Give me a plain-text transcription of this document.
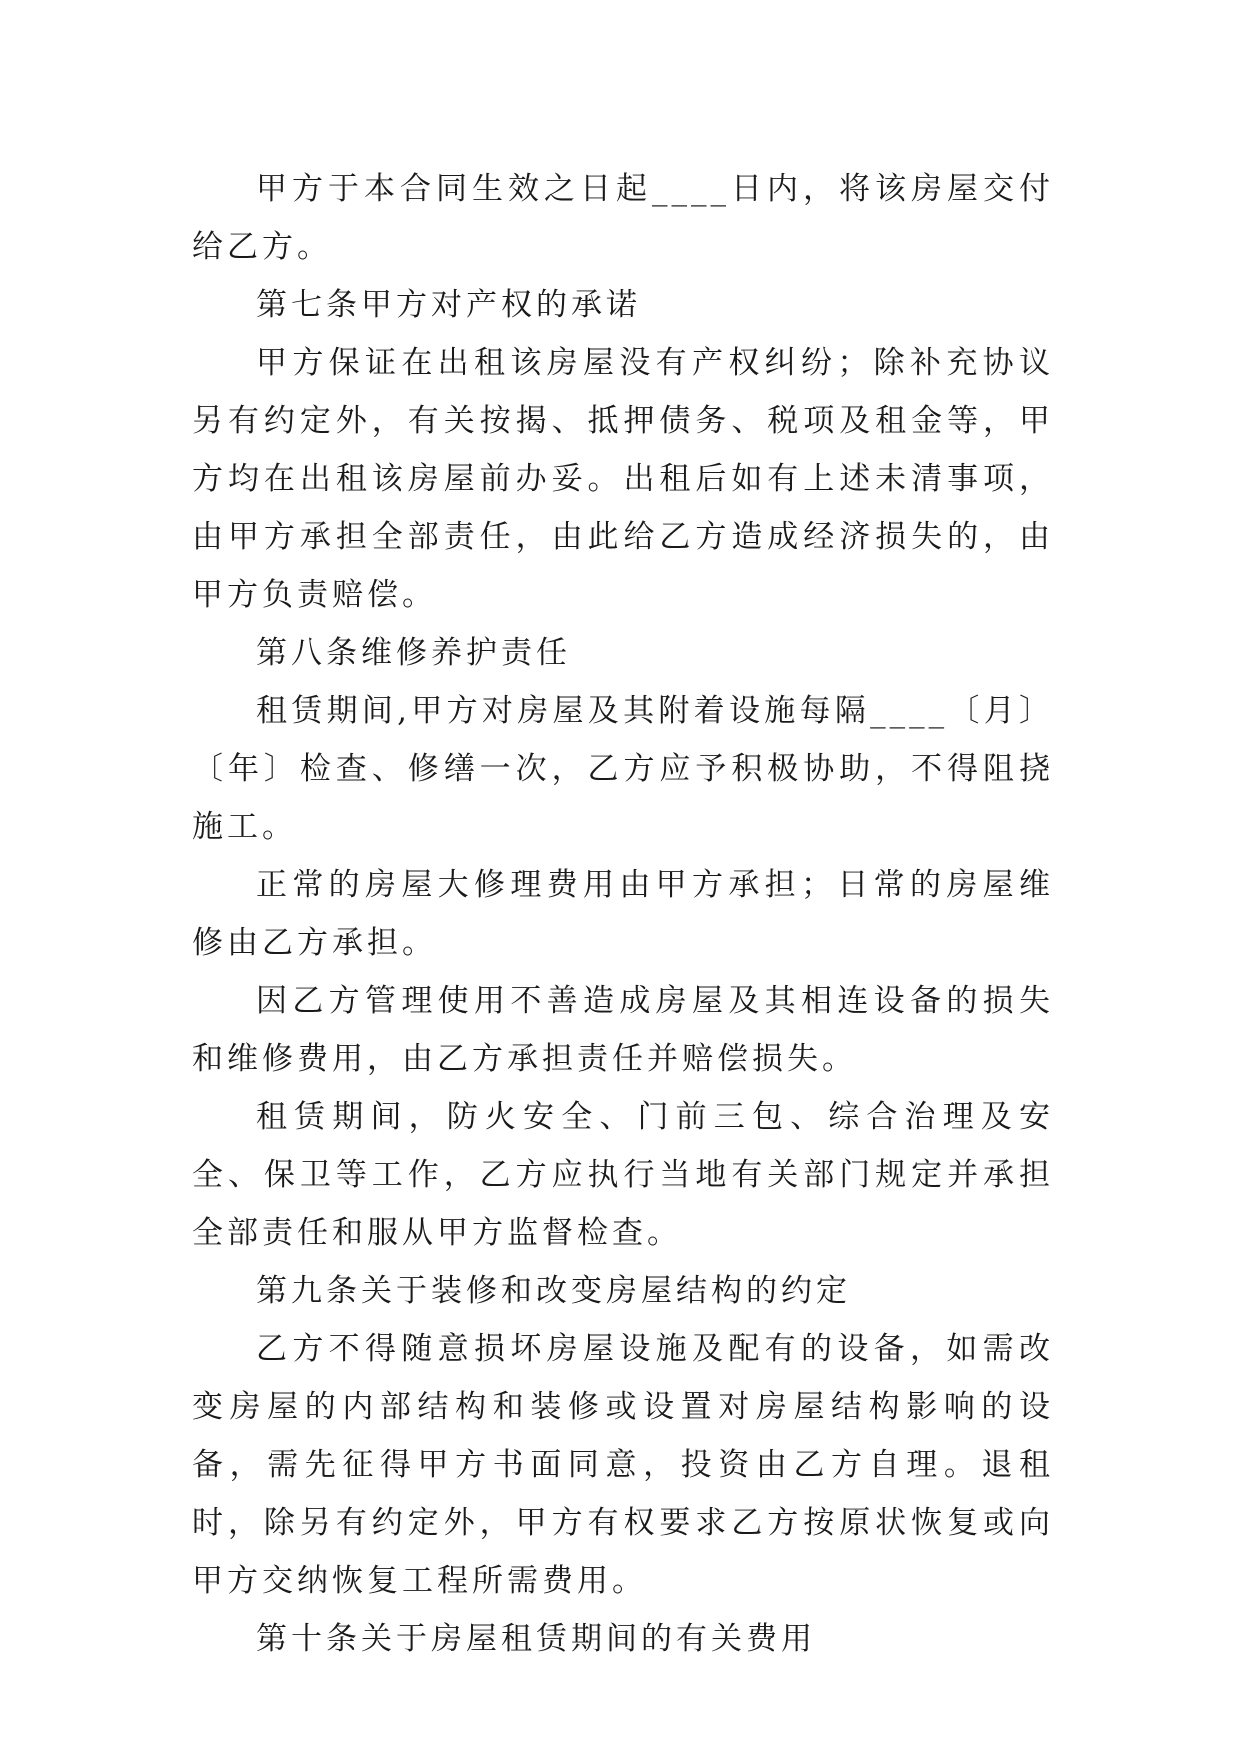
甲方于本合同生效之日起____日内，将该房屋交付给乙方。

第七条甲方对产权的承诺

甲方保证在出租该房屋没有产权纠纷；除补充协议另有约定外，有关按揭、抵押债务、税项及租金等，甲方均在出租该房屋前办妥。出租后如有上述未清事项，由甲方承担全部责任，由此给乙方造成经济损失的，由甲方负责赔偿。

第八条维修养护责任

租赁期间,甲方对房屋及其附着设施每隔____〔月〕〔年〕检查、修缮一次，乙方应予积极协助，不得阻挠施工。

正常的房屋大修理费用由甲方承担；日常的房屋维修由乙方承担。

因乙方管理使用不善造成房屋及其相连设备的损失和维修费用，由乙方承担责任并赔偿损失。

租赁期间，防火安全、门前三包、综合治理及安全、保卫等工作，乙方应执行当地有关部门规定并承担全部责任和服从甲方监督检查。

第九条关于装修和改变房屋结构的约定

乙方不得随意损坏房屋设施及配有的设备，如需改变房屋的内部结构和装修或设置对房屋结构影响的设备，需先征得甲方书面同意，投资由乙方自理。退租时，除另有约定外，甲方有权要求乙方按原状恢复或向甲方交纳恢复工程所需费用。

第十条关于房屋租赁期间的有关费用
